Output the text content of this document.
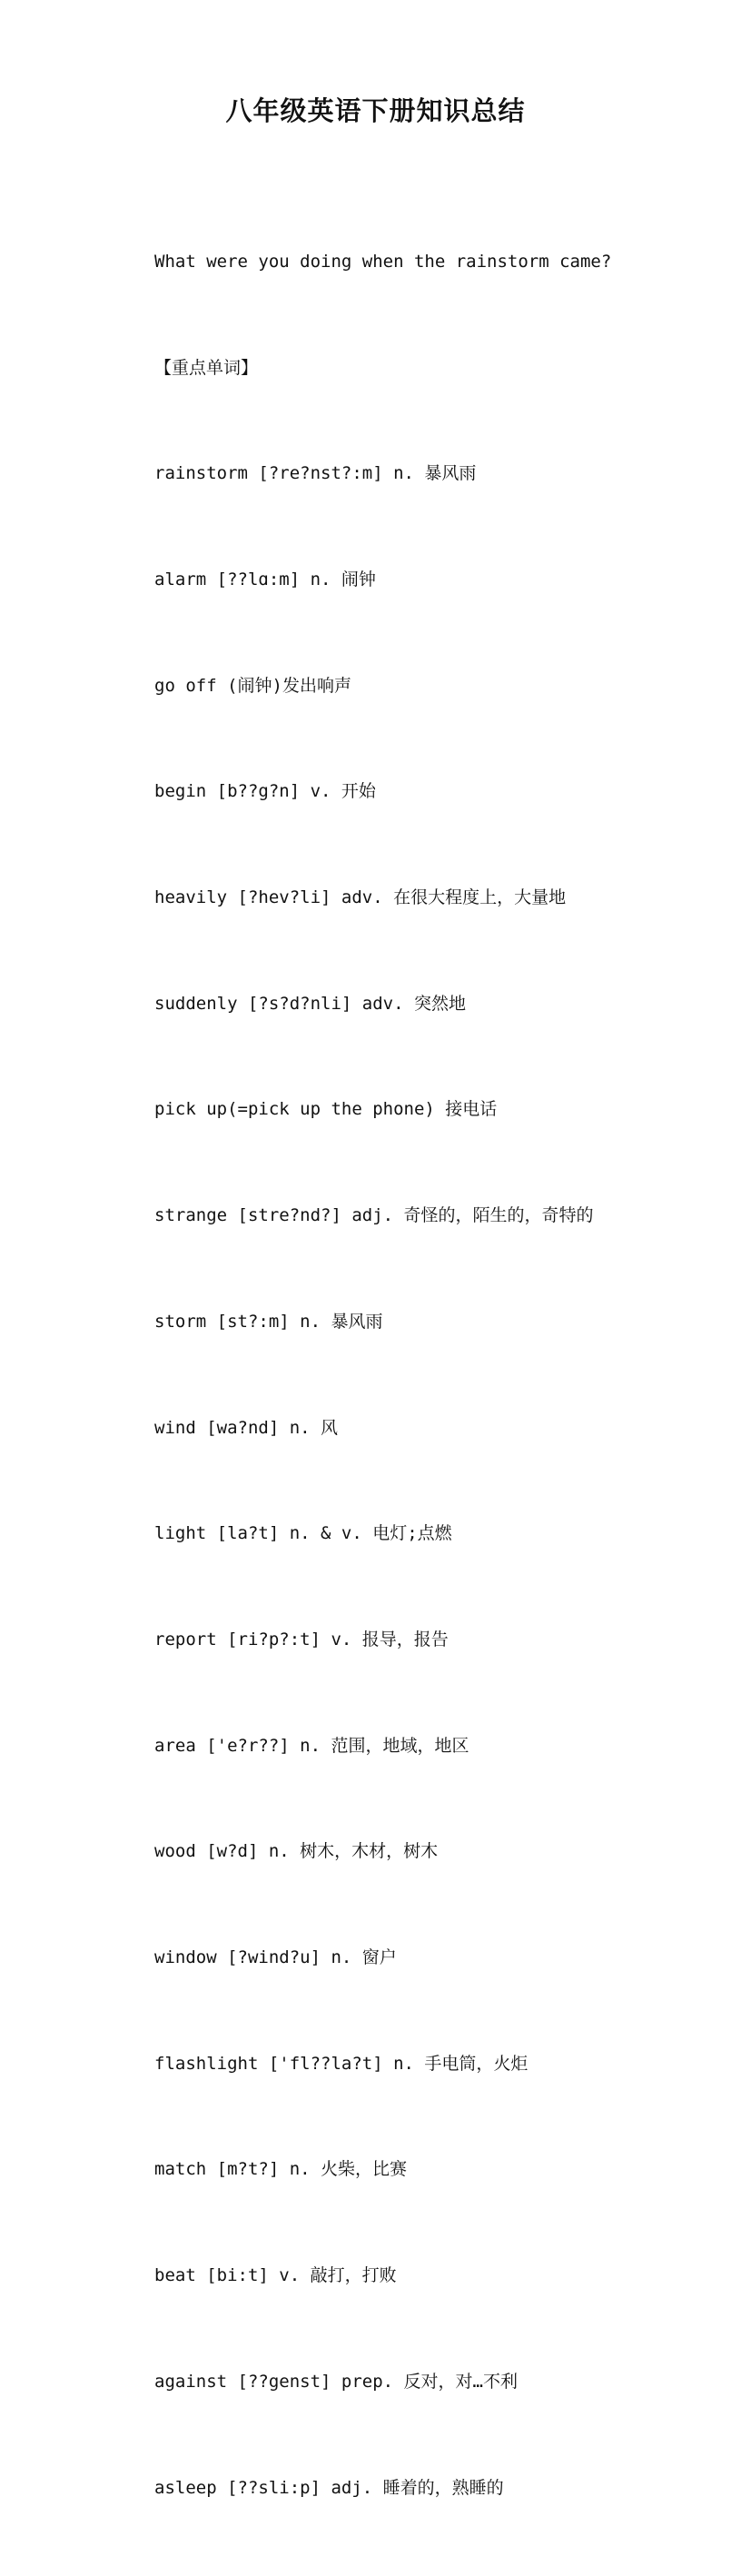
八年级英语下册知识总结

What were you doing when the rainstorm came?

【重点单词】

rainstorm [?re?nst?:m] n. 暴风雨

alarm [??lɑ:m] n. 闹钟

go off (闹钟)发出响声

begin [b??g?n] v. 开始

heavily [?hev?li] adv. 在很大程度上，大量地

suddenly [?s?d?nli] adv. 突然地

pick up(=pick up the phone) 接电话

strange [stre?nd?] adj. 奇怪的，陌生的，奇特的

storm [st?:m] n. 暴风雨

wind [wa?nd] n. 风

light [la?t] n. & v. 电灯;点燃

report [ri?p?:t] v. 报导，报告

area ['e?r??] n. 范围，地域，地区

wood [w?d] n. 树木，木材，树木

window [?wind?u] n. 窗户

flashlight ['fl??la?t] n. 手电筒，火炬

match [m?t?] n. 火柴，比赛

beat [bi:t] v. 敲打，打败

against [??genst] prep. 反对，对…不利

asleep [??sli:p] adj. 睡着的，熟睡的
